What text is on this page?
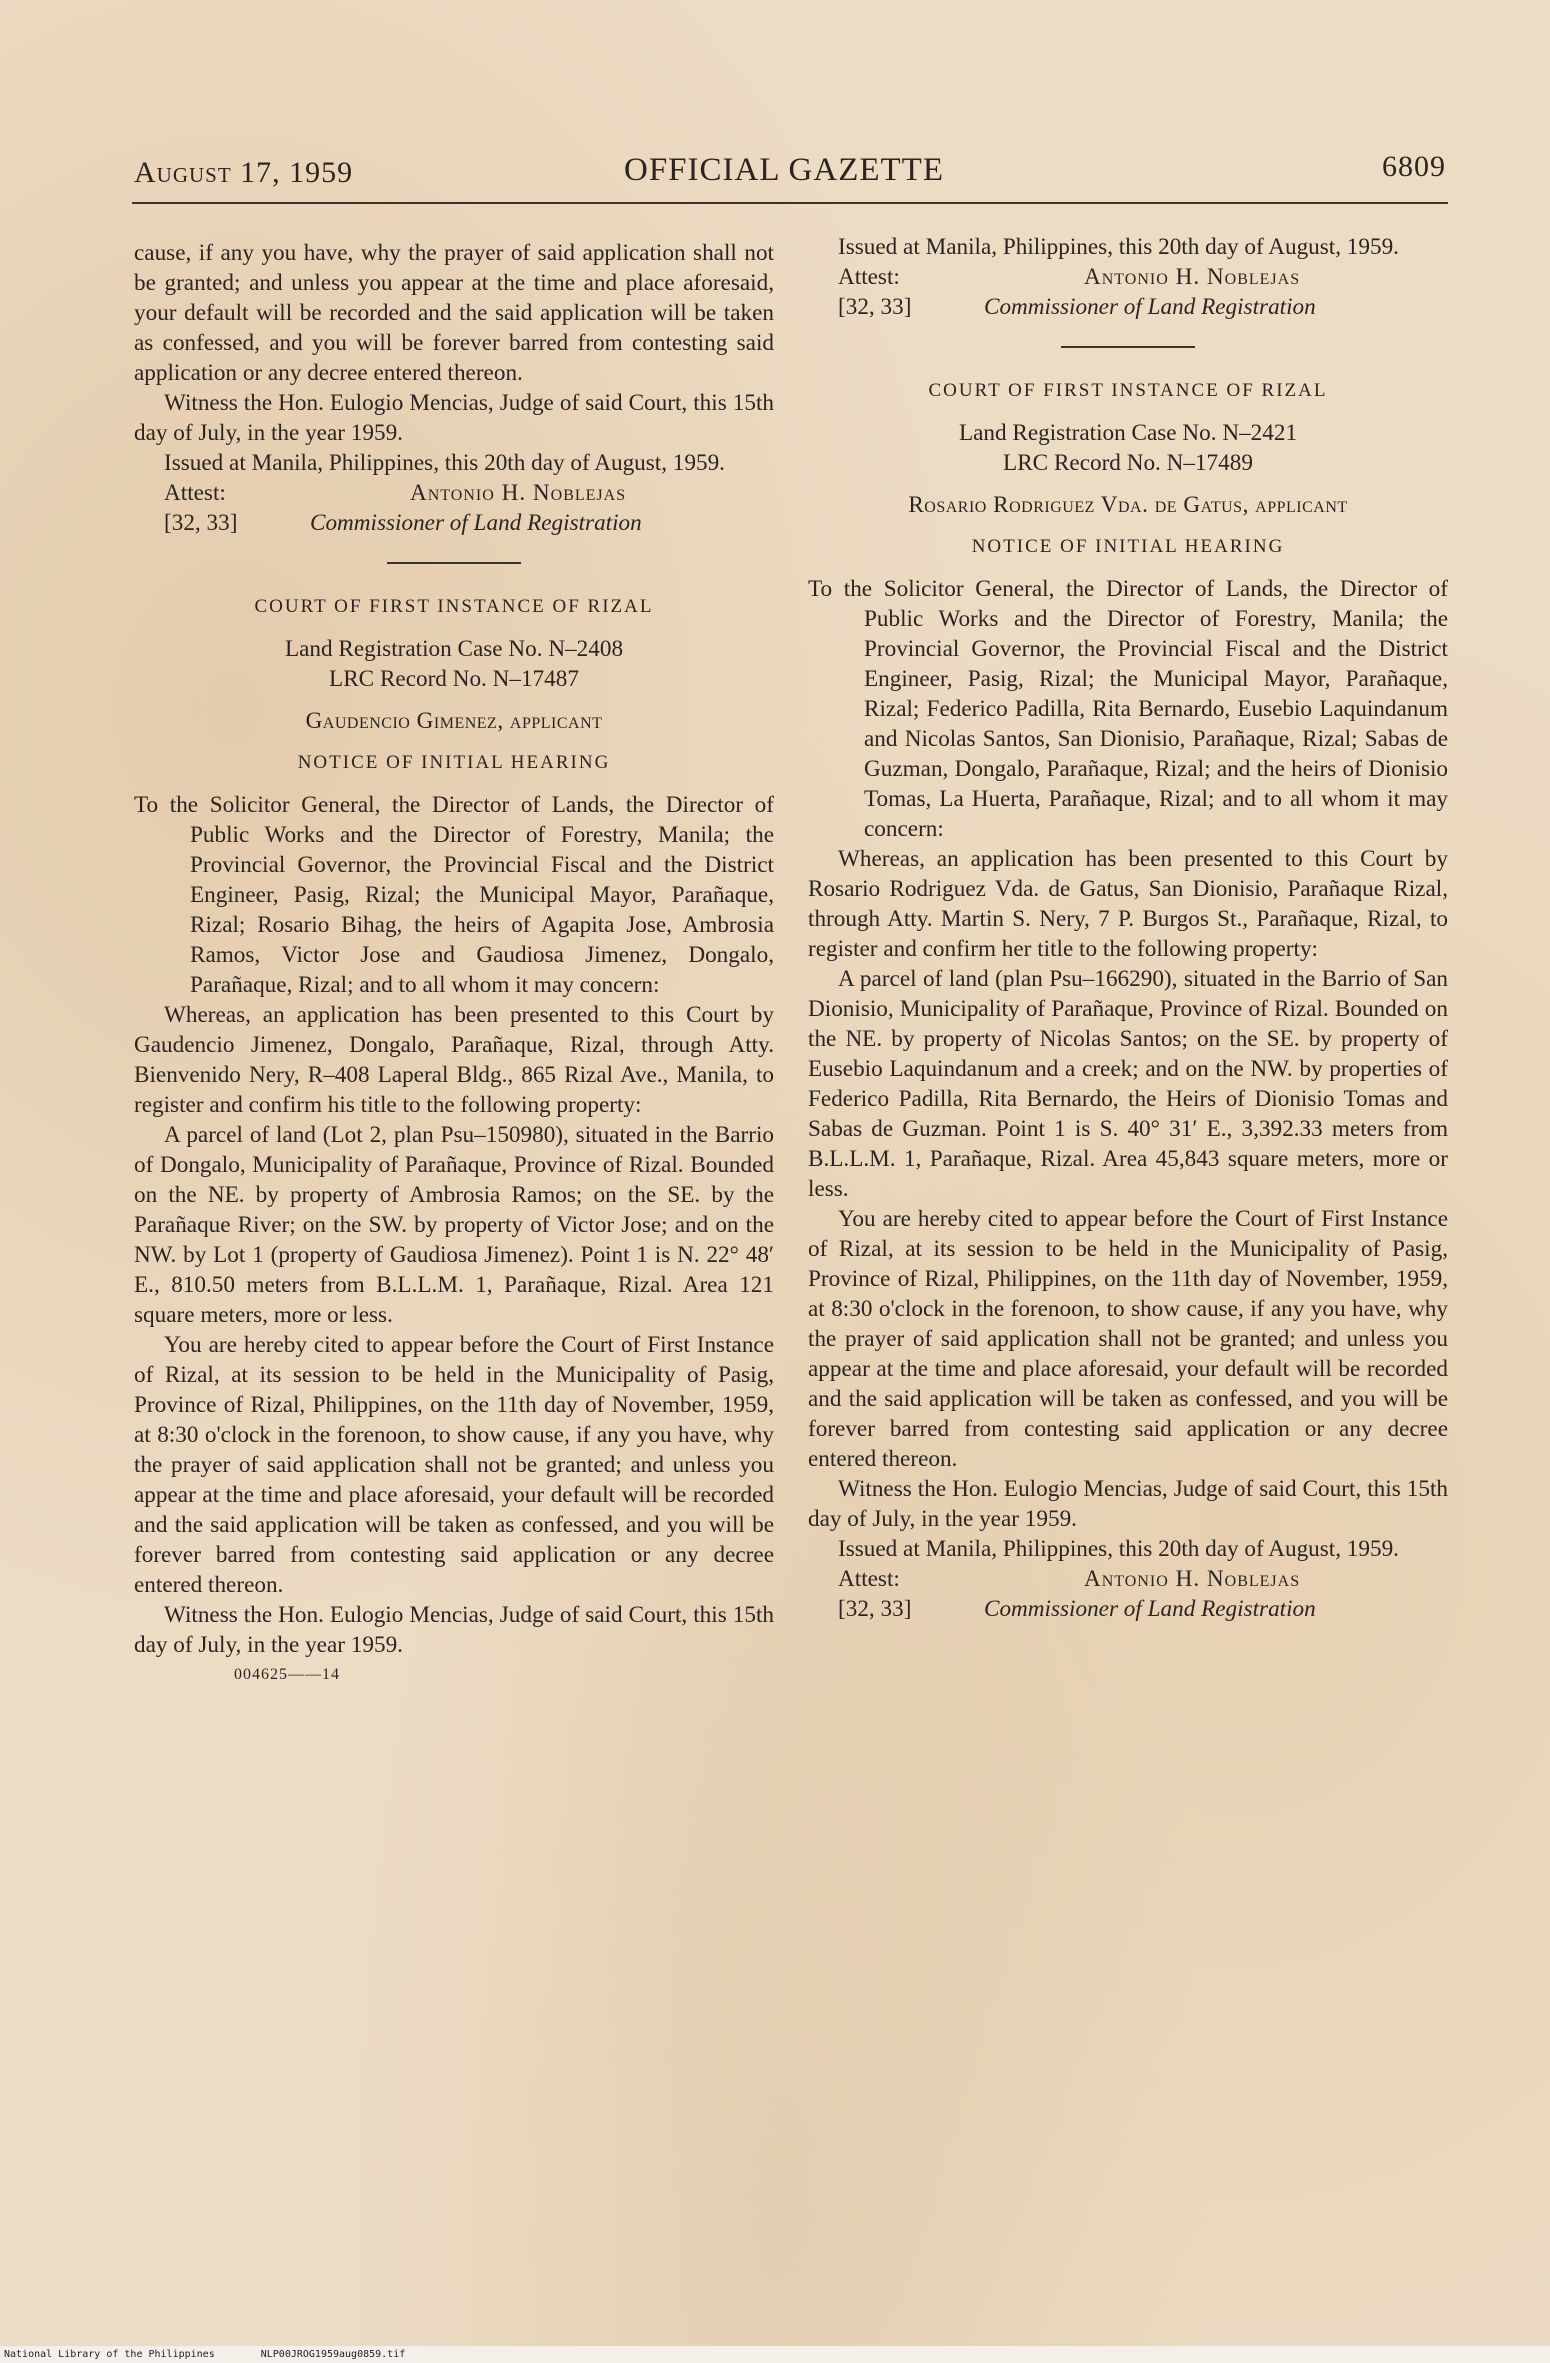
August 17, 1959	OFFICIAL GAZETTE	6809

cause, if any you have, why the prayer of said application shall not be granted; and unless you appear at the time and place aforesaid, your default will be recorded and the said application will be taken as confessed, and you will be forever barred from contesting said application or any decree entered thereon.

Witness the Hon. Eulogio Mencias, Judge of said Court, this 15th day of July, in the year 1959.

Issued at Manila, Philippines, this 20th day of August, 1959.

Attest:	Antonio H. Noblejas
[32, 33]	Commissioner of Land Registration

COURT OF FIRST INSTANCE OF RIZAL

Land Registration Case No. N–2408

LRC Record No. N–17487

Gaudencio Gimenez, applicant

NOTICE OF INITIAL HEARING

To the Solicitor General, the Director of Lands, the Director of Public Works and the Director of Forestry, Manila; the Provincial Governor, the Provincial Fiscal and the District Engineer, Pasig, Rizal; the Municipal Mayor, Parañaque, Rizal; Rosario Bihag, the heirs of Agapita Jose, Ambrosia Ramos, Victor Jose and Gaudiosa Jimenez, Dongalo, Parañaque, Rizal; and to all whom it may concern:

Whereas, an application has been presented to this Court by Gaudencio Jimenez, Dongalo, Parañaque, Rizal, through Atty. Bienvenido Nery, R–408 Laperal Bldg., 865 Rizal Ave., Manila, to register and confirm his title to the following property:

A parcel of land (Lot 2, plan Psu–150980), situated in the Barrio of Dongalo, Municipality of Parañaque, Province of Rizal. Bounded on the NE. by property of Ambrosia Ramos; on the SE. by the Parañaque River; on the SW. by property of Victor Jose; and on the NW. by Lot 1 (property of Gaudiosa Jimenez). Point 1 is N. 22° 48′ E., 810.50 meters from B.L.L.M. 1, Parañaque, Rizal. Area 121 square meters, more or less.

You are hereby cited to appear before the Court of First Instance of Rizal, at its session to be held in the Municipality of Pasig, Province of Rizal, Philippines, on the 11th day of November, 1959, at 8:30 o'clock in the forenoon, to show cause, if any you have, why the prayer of said application shall not be granted; and unless you appear at the time and place aforesaid, your default will be recorded and the said application will be taken as confessed, and you will be forever barred from contesting said application or any decree entered thereon.

Witness the Hon. Eulogio Mencias, Judge of said Court, this 15th day of July, in the year 1959.

004625——14

Issued at Manila, Philippines, this 20th day of August, 1959.

Attest:	Antonio H. Noblejas
[32, 33]	Commissioner of Land Registration

COURT OF FIRST INSTANCE OF RIZAL

Land Registration Case No. N–2421

LRC Record No. N–17489

Rosario Rodriguez Vda. de Gatus, applicant

NOTICE OF INITIAL HEARING

To the Solicitor General, the Director of Lands, the Director of Public Works and the Director of Forestry, Manila; the Provincial Governor, the Provincial Fiscal and the District Engineer, Pasig, Rizal; the Municipal Mayor, Parañaque, Rizal; Federico Padilla, Rita Bernardo, Eusebio Laquindanum and Nicolas Santos, San Dionisio, Parañaque, Rizal; Sabas de Guzman, Dongalo, Parañaque, Rizal; and the heirs of Dionisio Tomas, La Huerta, Parañaque, Rizal; and to all whom it may concern:

Whereas, an application has been presented to this Court by Rosario Rodriguez Vda. de Gatus, San Dionisio, Parañaque Rizal, through Atty. Martin S. Nery, 7 P. Burgos St., Parañaque, Rizal, to register and confirm her title to the following property:

A parcel of land (plan Psu–166290), situated in the Barrio of San Dionisio, Municipality of Parañaque, Province of Rizal. Bounded on the NE. by property of Nicolas Santos; on the SE. by property of Eusebio Laquindanum and a creek; and on the NW. by properties of Federico Padilla, Rita Bernardo, the Heirs of Dionisio Tomas and Sabas de Guzman. Point 1 is S. 40° 31′ E., 3,392.33 meters from B.L.L.M. 1, Parañaque, Rizal. Area 45,843 square meters, more or less.

You are hereby cited to appear before the Court of First Instance of Rizal, at its session to be held in the Municipality of Pasig, Province of Rizal, Philippines, on the 11th day of November, 1959, at 8:30 o'clock in the forenoon, to show cause, if any you have, why the prayer of said application shall not be granted; and unless you appear at the time and place aforesaid, your default will be recorded and the said application will be taken as confessed, and you will be forever barred from contesting said application or any decree entered thereon.

Witness the Hon. Eulogio Mencias, Judge of said Court, this 15th day of July, in the year 1959.

Issued at Manila, Philippines, this 20th day of August, 1959.

Attest:	Antonio H. Noblejas
[32, 33]	Commissioner of Land Registration
National Library of the Philippines	NLP00JROG1959aug0859.tif
